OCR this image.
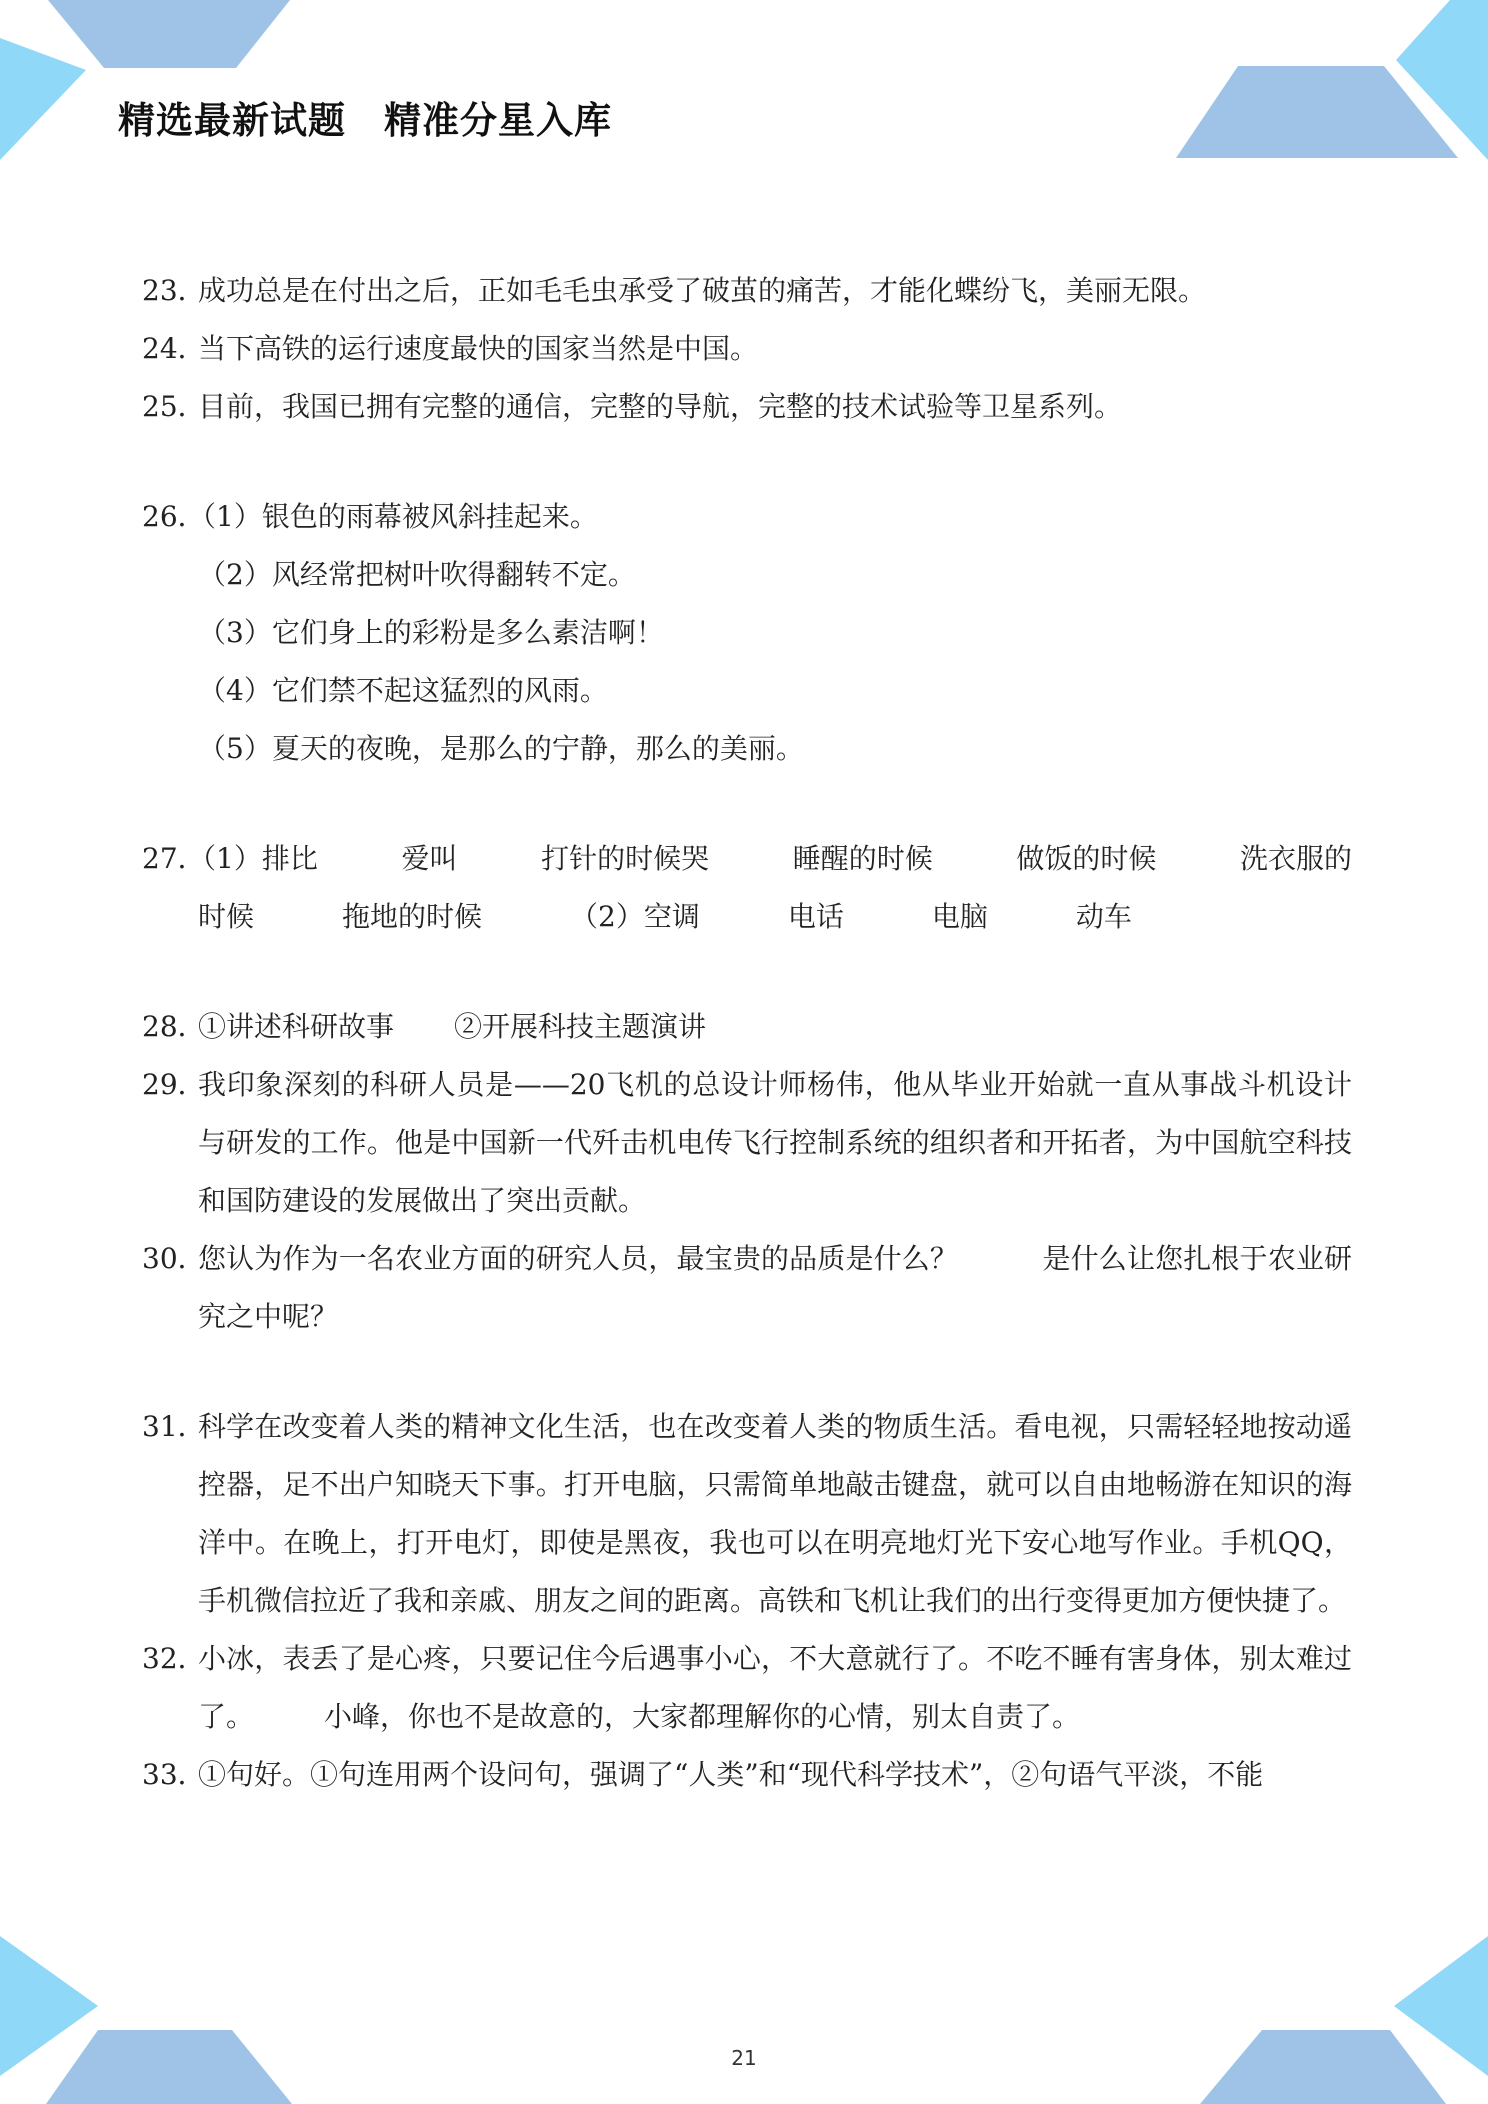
精选最新试题　精准分星入库
23．
成功总是在付出之后，正如毛毛虫承受了破茧的痛苦，才能化蝶纷飞，美丽无限。
24．
当下高铁的运行速度最快的国家当然是中国。
25．
目前，我国已拥有完整的通信，完整的导航，完整的技术试验等卫星系列。
26．
（1）银色的雨幕被风斜挂起来。
（2）风经常把树叶吹得翻转不定。
（3）它们身上的彩粉是多么素洁啊！
（4）它们禁不起这猛烈的风雨。
（5）夏天的夜晚，是那么的宁静，那么的美丽。
27．
（1）排比	爱叫	打针的时候哭	睡醒的时候	做饭的时候	洗衣服的
时候	拖地的时候	（2）空调	电话	电脑	动车
28．
①讲述科研故事 ②开展科技主题演讲
29．
我印象深刻的科研人员是——20飞机的总设计师杨伟，他从毕业开始就一直从事战斗机设计与研发的工作。他是中国新一代歼击机电传飞行控制系统的组织者和开拓者，为中国航空科技和国防建设的发展做出了突出贡献。
30．
您认为作为一名农业方面的研究人员，最宝贵的品质是什么？　　　是什么让您扎根于农业研究之中呢？
31．
科学在改变着人类的精神文化生活，也在改变着人类的物质生活。看电视，只需轻轻地按动遥控器，足不出户知晓天下事。打开电脑，只需简单地敲击键盘，就可以自由地畅游在知识的海洋中。在晚上，打开电灯，即使是黑夜，我也可以在明亮地灯光下安心地写作业。手机QQ，手机微信拉近了我和亲戚、朋友之间的距离。高铁和飞机让我们的出行变得更加方便快捷了。
32．
小冰，表丢了是心疼，只要记住今后遇事小心，不大意就行了。不吃不睡有害身体，别太难过了。　　　小峰，你也不是故意的，大家都理解你的心情，别太自责了。
33．
①句好。①句连用两个设问句，强调了“人类”和“现代科学技术”，②句语气平淡，不能
21
